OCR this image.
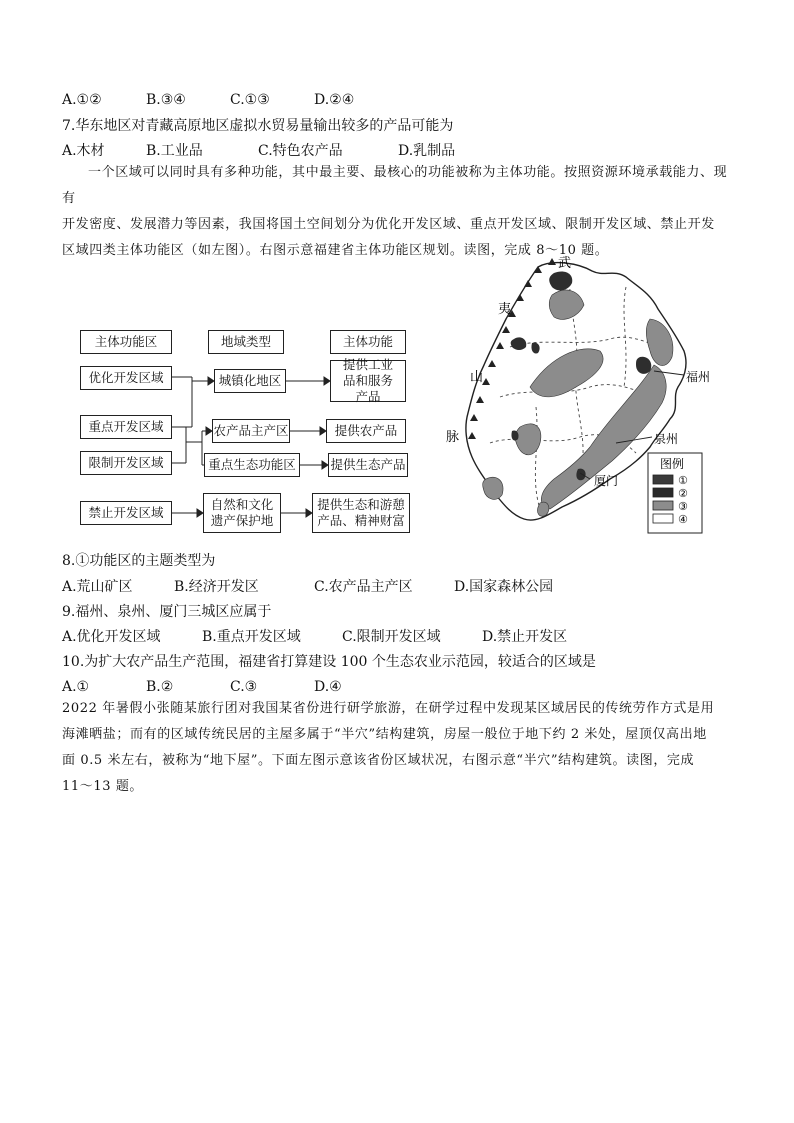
A.①②	B.③④	C.①③	D.②④
7.华东地区对青藏高原地区虚拟水贸易量输出较多的产品可能为
A.木材	B.工业品	C.特色农产品	D.乳制品

一个区域可以同时具有多种功能，其中最主要、最核心的功能被称为主体功能。按照资源环境承载能力、现有

开发密度、发展潜力等因素，我国将国土空间划分为优化开发区域、重点开发区域、限制开发区域、禁止开发

区域四类主体功能区（如左图）。右图示意福建省主体功能区规划。读图，完成 8～10 题。

主体功能区	地域类型	主体功能
优化开发区域
重点开发区域
限制开发区域
禁止开发区域
城镇化地区
农产品主产区
重点生态功能区
自然和文化遗产保护地
提供工业品和服务产品
提供农产品
提供生态产品
提供生态和游憩产品、精神财富
武
夷
山
脉
福州
泉州
厦门
图例
①
②
③
④
8.①功能区的主题类型为
A.荒山矿区	B.经济开发区	C.农产品主产区	D.国家森林公园
9.福州、泉州、厦门三城区应属于
A.优化开发区域	B.重点开发区域	C.限制开发区域	D.禁止开发区
10.为扩大农产品生产范围，福建省打算建设 100 个生态农业示范园，较适合的区域是
A.①	B.②	C.③	D.④

2022 年暑假小张随某旅行团对我国某省份进行研学旅游，在研学过程中发现某区域居民的传统劳作方式是用

海滩晒盐；而有的区域传统民居的主屋多属于“半穴”结构建筑，房屋一般位于地下约 2 米处，屋顶仅高出地

面 0.5 米左右，被称为“地下屋”。下面左图示意该省份区域状况，右图示意“半穴”结构建筑。读图，完成

11～13 题。
